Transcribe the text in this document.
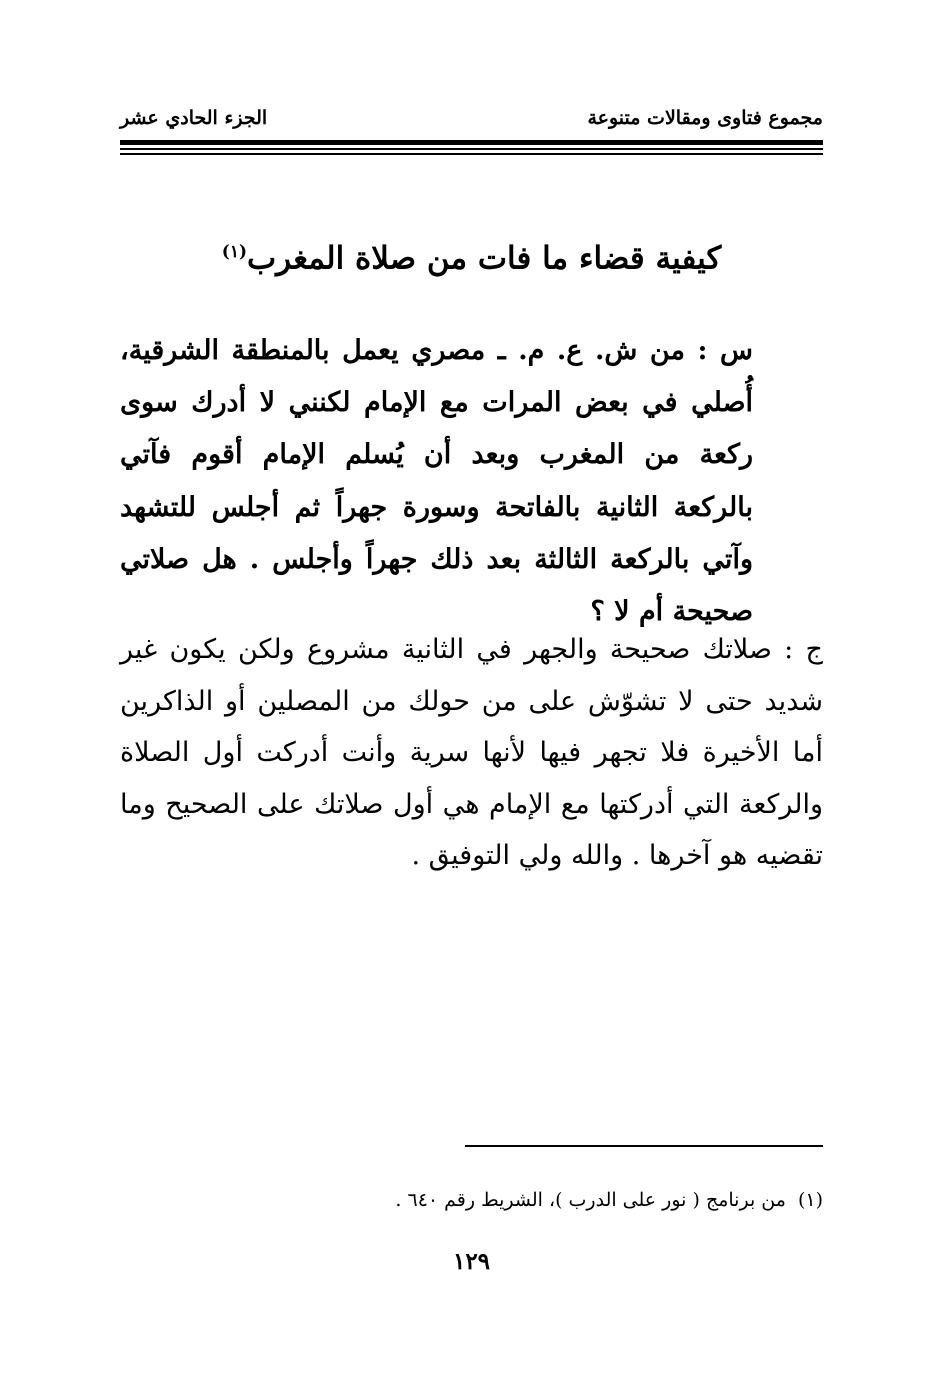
مجموع فتاوى ومقالات متنوعة
الجزء الحادي عشر
كيفية قضاء ما فات من صلاة المغرب$^{(١)}$

س : من ش. ع. م. ـ مصري يعمل بالمنطقة الشرقية، أُصلي في بعض المرات مع الإمام لكنني لا أدرك سوى ركعة من المغرب وبعد أن يُسلم الإمام أقوم فآتي بالركعة الثانية بالفاتحة وسورة جهراً ثم أجلس للتشهد وآتي بالركعة الثالثة بعد ذلك جهراً وأجلس . هل صلاتي صحيحة أم لا ؟

ج : صلاتك صحيحة والجهر في الثانية مشروع ولكن يكون غير شديد حتى لا تشوّش على من حولك من المصلين أو الذاكرين أما الأخيرة فلا تجهر فيها لأنها سرية وأنت أدركت أول الصلاة والركعة التي أدركتها مع الإمام هي أول صلاتك على الصحيح وما تقضيه هو آخرها . والله ولي التوفيق .

(١)من برنامج ( نور على الدرب )، الشريط رقم ٦٤٠ .
١٢٩
